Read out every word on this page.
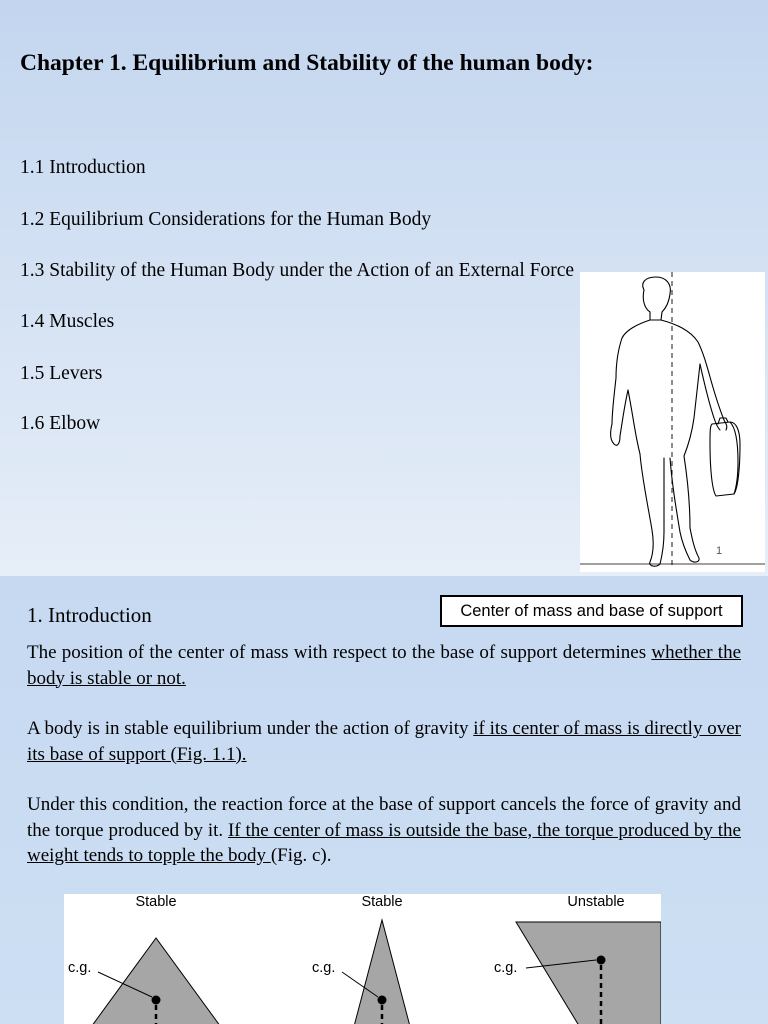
Chapter 1. Equilibrium and Stability of the human body:
1.1 Introduction
1.2 Equilibrium Considerations for the Human Body
1.3 Stability of the Human Body under the Action of an External Force
1.4 Muscles
1.5 Levers
1.6 Elbow
1
1. Introduction	Center of mass and base of support

The position of the center of mass with respect to the base of support determines whether the body is stable or not.

A body is in stable equilibrium under the action of gravity if its center of mass is directly over its base of support (Fig. 1.1).

Under this condition, the reaction force at the base of support cancels the force of gravity and the torque produced by it. If the center of mass is outside the base, the torque produced by the weight tends to topple the body (Fig. c).

Stable	Stable	Unstable
c.g.	c.g.	c.g.
